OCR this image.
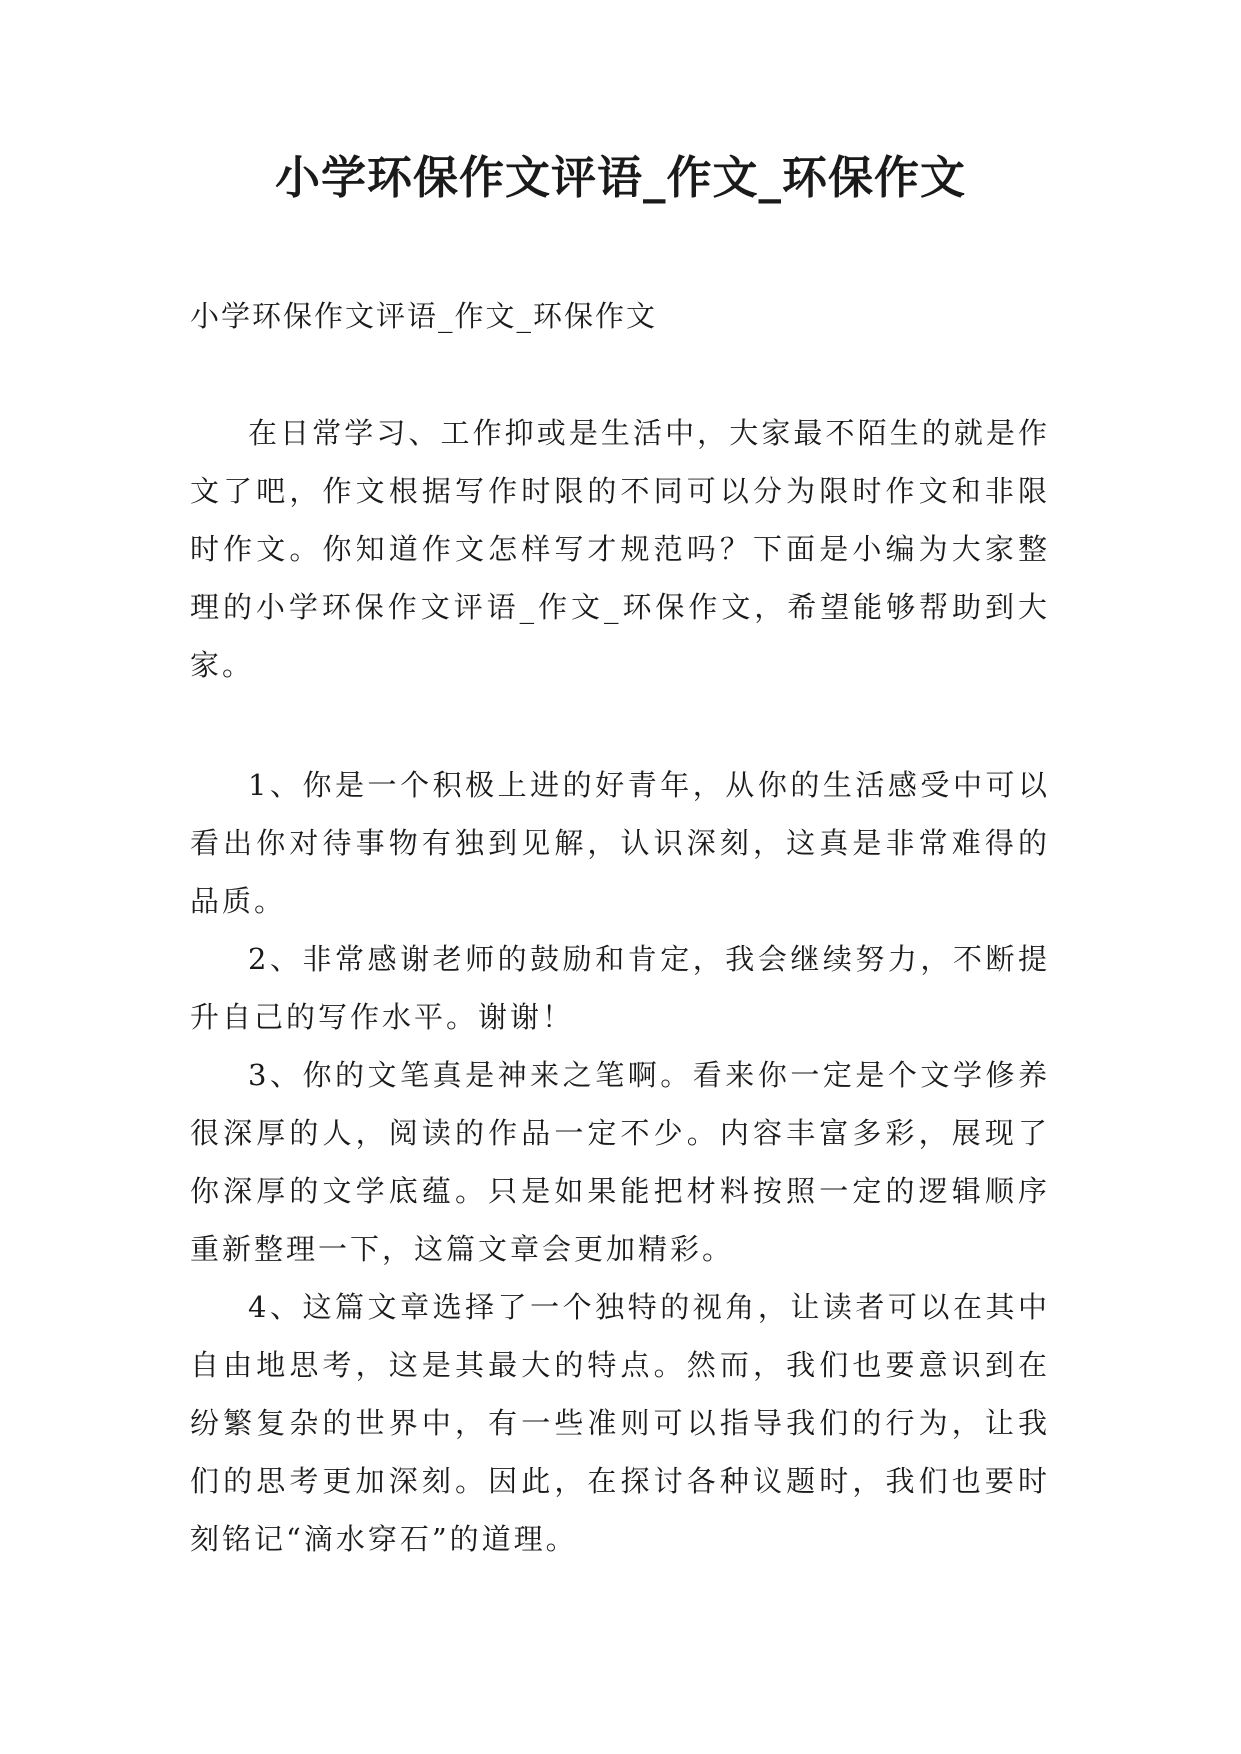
小学环保作文评语_作文_环保作文

小学环保作文评语_作文_环保作文

在日常学习、工作抑或是生活中，大家最不陌生的就是作文了吧，作文根据写作时限的不同可以分为限时作文和非限时作文。你知道作文怎样写才规范吗？下面是小编为大家整理的小学环保作文评语_作文_环保作文，希望能够帮助到大家。

1、你是一个积极上进的好青年，从你的生活感受中可以看出你对待事物有独到见解，认识深刻，这真是非常难得的品质。

2、非常感谢老师的鼓励和肯定，我会继续努力，不断提升自己的写作水平。谢谢！

3、你的文笔真是神来之笔啊。看来你一定是个文学修养很深厚的人，阅读的作品一定不少。内容丰富多彩，展现了你深厚的文学底蕴。只是如果能把材料按照一定的逻辑顺序重新整理一下，这篇文章会更加精彩。

4、这篇文章选择了一个独特的视角，让读者可以在其中自由地思考，这是其最大的特点。然而，我们也要意识到在纷繁复杂的世界中，有一些准则可以指导我们的行为，让我们的思考更加深刻。因此，在探讨各种议题时，我们也要时刻铭记“滴水穿石”的道理。
